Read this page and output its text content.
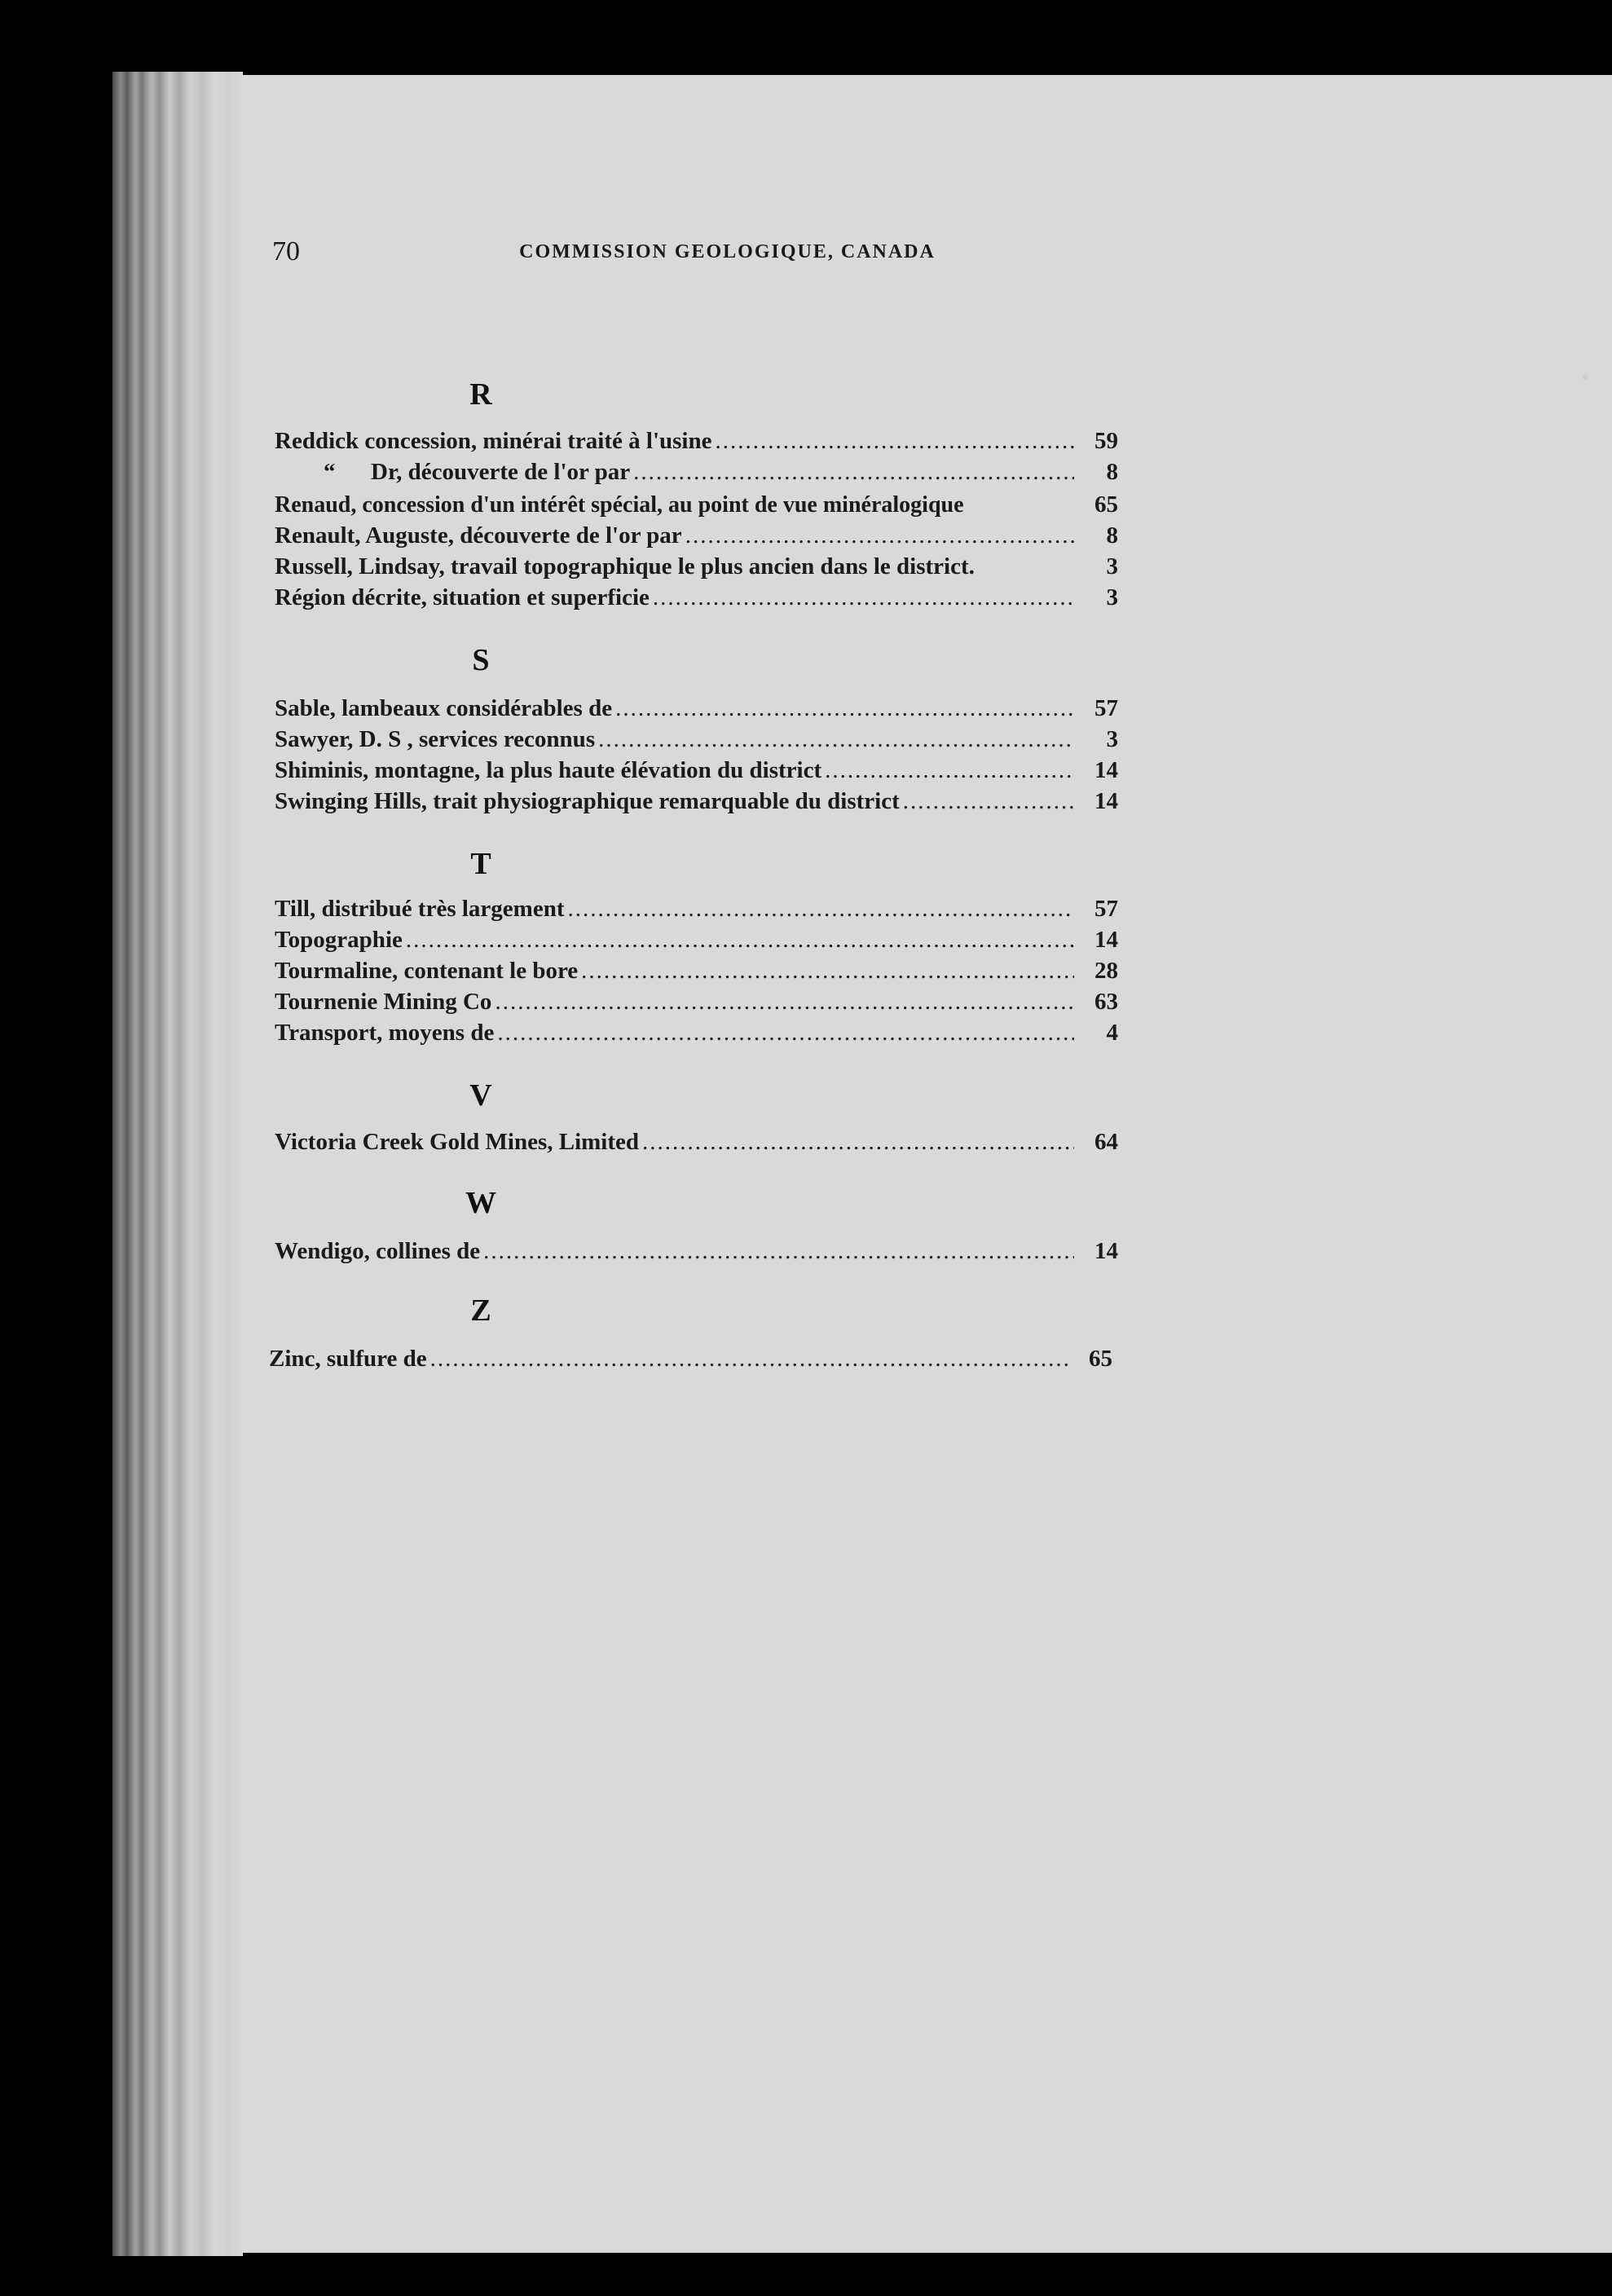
70	COMMISSION GEOLOGIQUE, CANADA
R
Reddick concession, minérai traité à l'usine .....	59
“      Dr, découverte de l'or par .....	8
Renaud, concession d'un intérêt spécial, au point de vue minéralogique	65
Renault, Auguste, découverte de l'or par .....	8
Russell, Lindsay, travail topographique le plus ancien dans le district.	3
Région décrite, situation et superficie .....	3
S
Sable, lambeaux considérables de .....	57
Sawyer, D. S , services reconnus .....	3
Shiminis, montagne, la plus haute élévation du district .....	14
Swinging Hills, trait physiographique remarquable du district .....	14
T
Till, distribué très largement .....	57
Topographie .....	14
Tourmaline, contenant le bore .....	28
Tournenie Mining Co .....	63
Transport, moyens de .....	4
V
Victoria Creek Gold Mines, Limited .....	64
W
Wendigo, collines de .....	14
Z
Zinc, sulfure de .....	65
